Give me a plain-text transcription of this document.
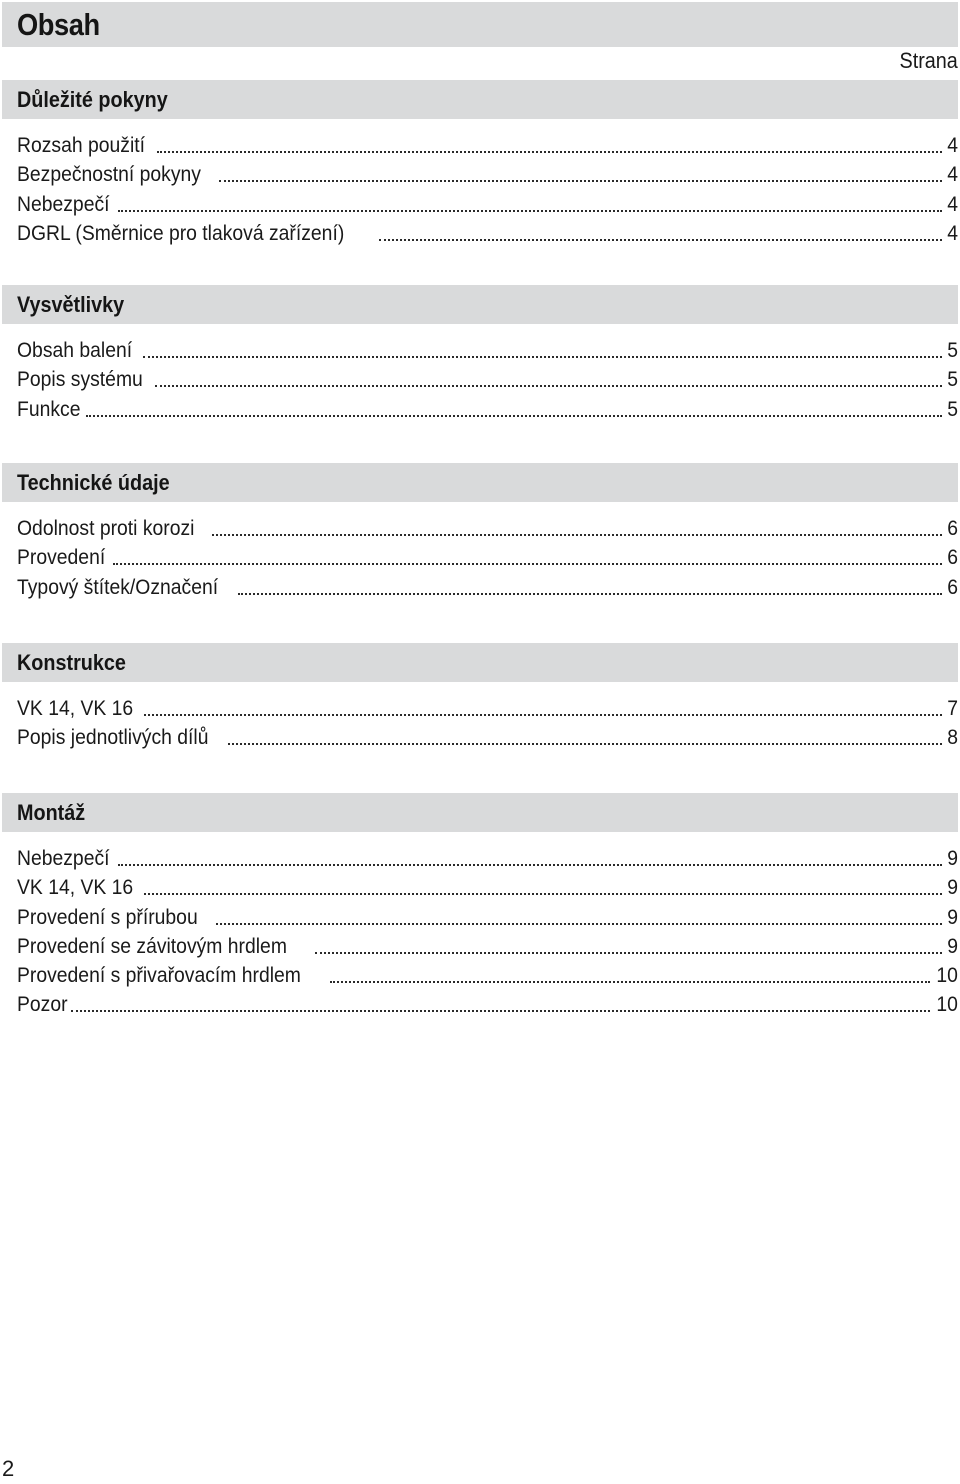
Obsah
Strana
Důležité pokyny
Rozsah použití	4
Bezpečnostní pokyny	4
Nebezpečí	4
DGRL (Směrnice pro tlaková zařízení)	4
Vysvětlivky
Obsah balení	5
Popis systému	5
Funkce	5
Technické údaje
Odolnost proti korozi	6
Provedení	6
Typový štítek/Označení	6
Konstrukce
VK 14, VK 16	7
Popis jednotlivých dílů	8
Montáž
Nebezpečí	9
VK 14, VK 16	9
Provedení s přírubou	9
Provedení se závitovým hrdlem	9
Provedení s přivařovacím hrdlem	10
Pozor	10
2
